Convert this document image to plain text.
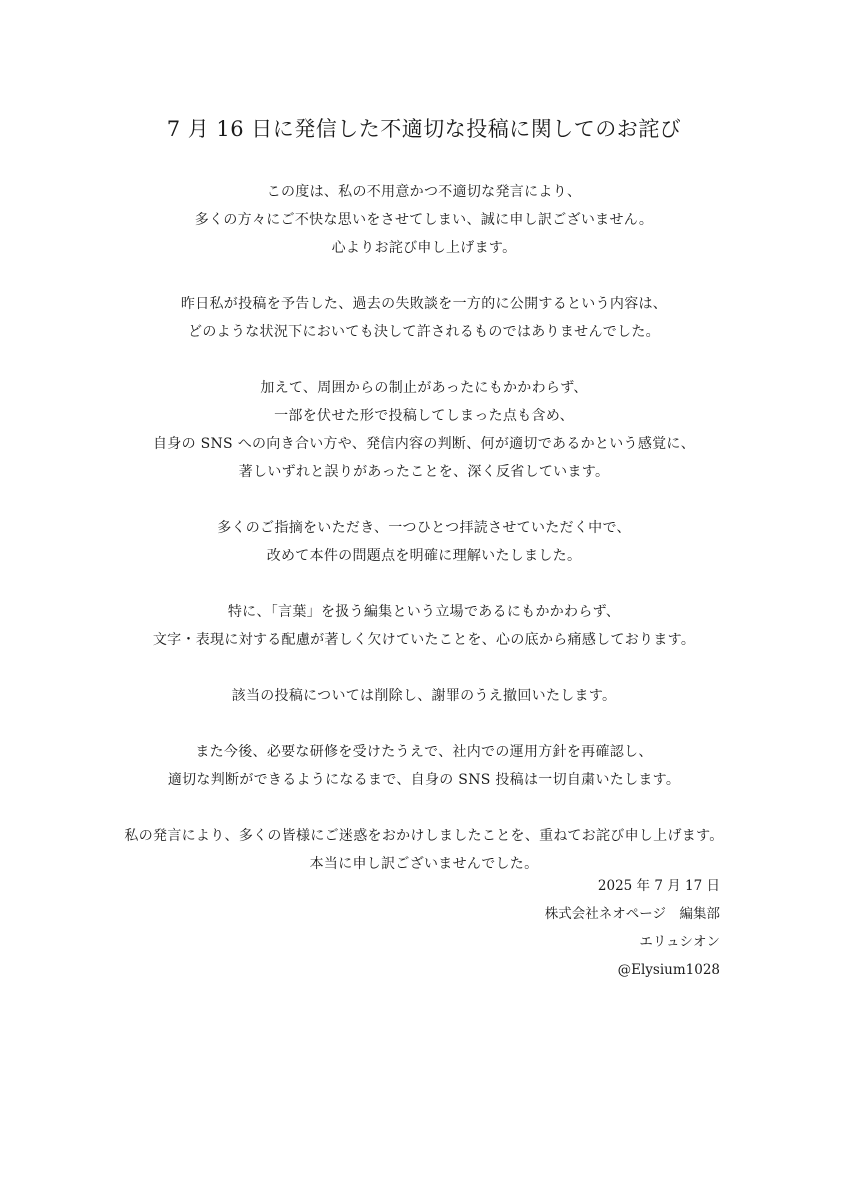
7 月 16 日に発信した不適切な投稿に関してのお詫び

この度は、私の不用意かつ不適切な発言により、
多くの方々にご不快な思いをさせてしまい、誠に申し訳ございません。
心よりお詫び申し上げます。

昨日私が投稿を予告した、過去の失敗談を一方的に公開するという内容は、
どのような状況下においても決して許されるものではありませんでした。

加えて、周囲からの制止があったにもかかわらず、
一部を伏せた形で投稿してしまった点も含め、
自身の SNS への向き合い方や、発信内容の判断、何が適切であるかという感覚に、
著しいずれと誤りがあったことを、深く反省しています。

多くのご指摘をいただき、一つひとつ拝読させていただく中で、
改めて本件の問題点を明確に理解いたしました。

特に、「言葉」を扱う編集という立場であるにもかかわらず、
文字・表現に対する配慮が著しく欠けていたことを、心の底から痛感しております。

該当の投稿については削除し、謝罪のうえ撤回いたします。

また今後、必要な研修を受けたうえで、社内での運用方針を再確認し、
適切な判断ができるようになるまで、自身の SNS 投稿は一切自粛いたします。

私の発言により、多くの皆様にご迷惑をおかけしましたことを、重ねてお詫び申し上げます。
本当に申し訳ございませんでした。

2025 年 7 月 17 日
株式会社ネオページ　編集部
エリュシオン
@Elysium1028
